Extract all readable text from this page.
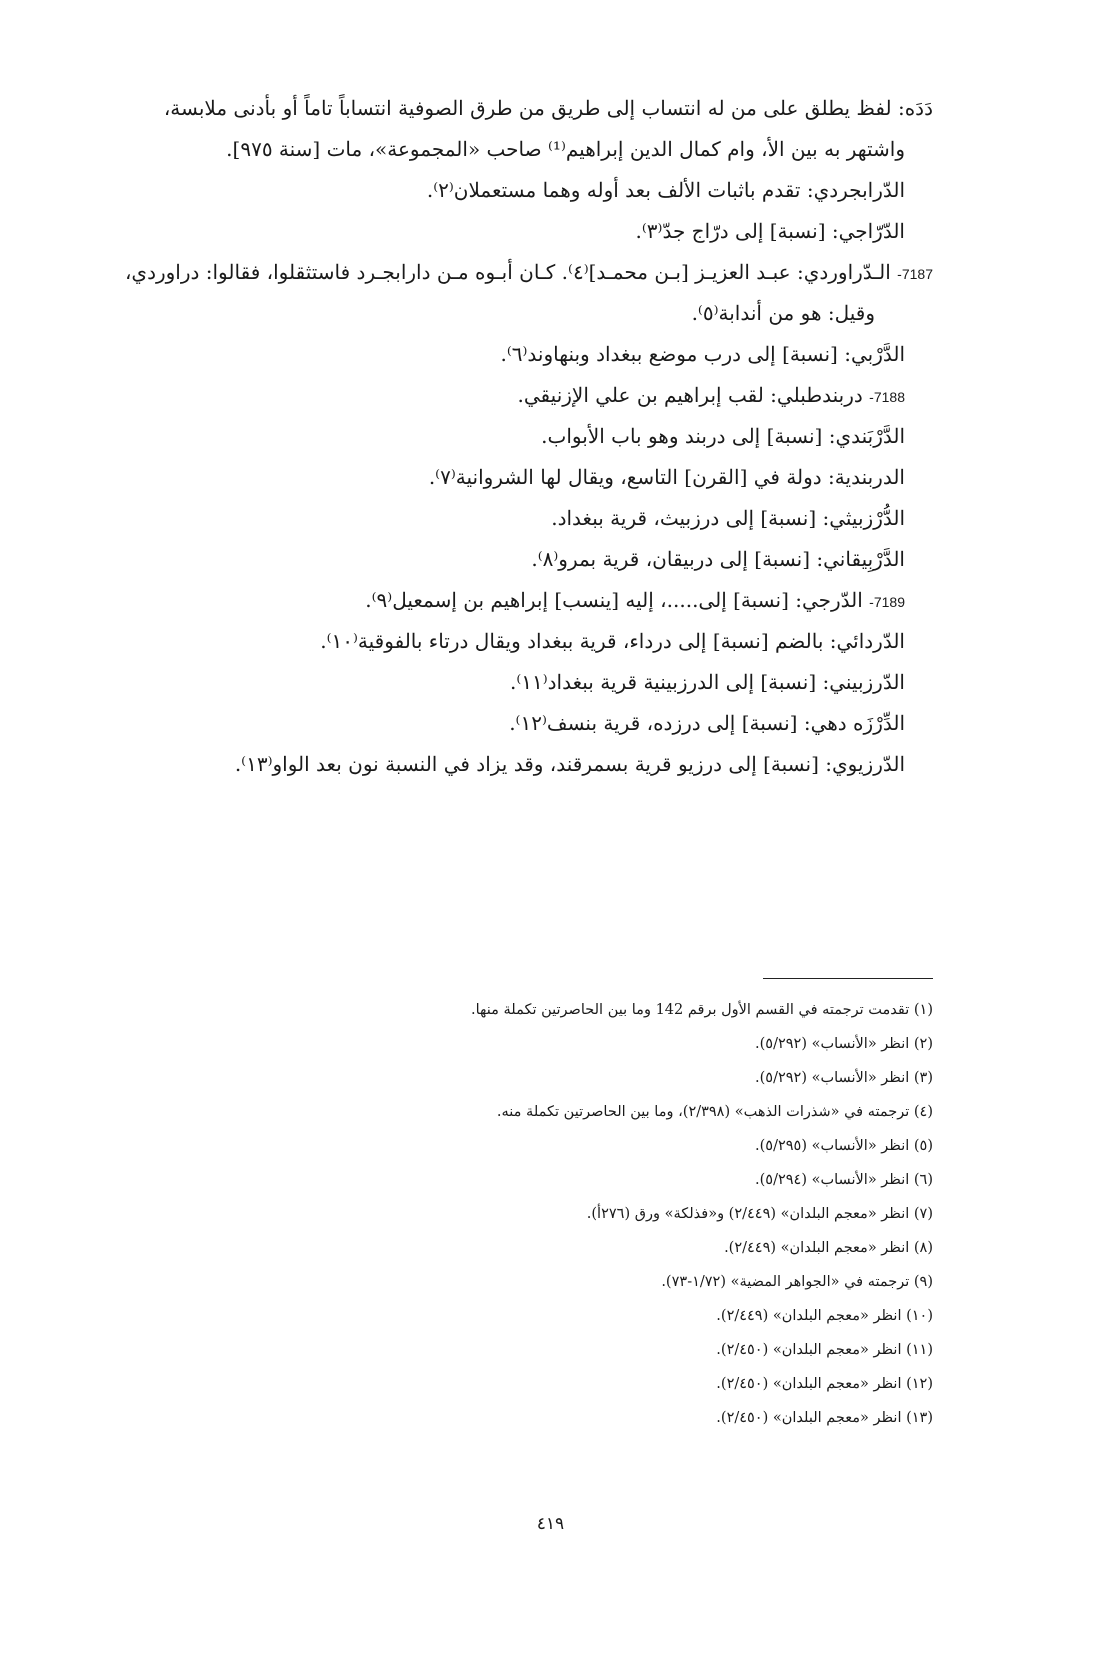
دَدَه: لفظ يطلق على من له انتساب إلى طريق من طرق الصوفية انتساباً تاماً أو بأدنى ملابسة،
واشتهر به بين الأ، وام كمال الدين إبراهيم⁽¹⁾ صاحب «المجموعة»، مات [سنة ٩٧٥].
الدّرابجردي: تقدم باثبات الألف بعد أوله وهما مستعملان⁽٢⁾.
الدّرّاجي: [نسبة] إلى درّاج جدّ⁽٣⁾.
7187- الـدّراوردي: عبـد العزيـز [بـن محمـد]⁽٤⁾. كـان أبـوه مـن دارابجـرد فاستثقلوا، فقالوا: دراوردي،
وقيل: هو من أندابة⁽٥⁾.
الدَّرْبي: [نسبة] إلى درب موضع ببغداد وبنهاوند⁽٦⁾.
7188- دربندطبلي: لقب إبراهيم بن علي الإزنيقي.
الدَّرْبَندي: [نسبة] إلى دربند وهو باب الأبواب.
الدربندية: دولة في [القرن] التاسع، ويقال لها الشروانية⁽٧⁾.
الدُّرْزبيثي: [نسبة] إلى درزبيث، قرية ببغداد.
الدَّرْبِيقاني: [نسبة] إلى دربيقان، قرية بمرو⁽٨⁾.
7189- الدّرجي: [نسبة] إلى.....، إليه [ينسب] إبراهيم بن إسمعيل⁽٩⁾.
الدّردائي: بالضم [نسبة] إلى درداء، قرية ببغداد ويقال درتاء بالفوقية⁽١٠⁾.
الدّرزبيني: [نسبة] إلى الدرزبينية قرية ببغداد⁽١١⁾.
الدِّرْزَه دهي: [نسبة] إلى درزده، قرية بنسف⁽١٢⁾.
الدّرزيوي: [نسبة] إلى درزيو قرية بسمرقند، وقد يزاد في النسبة نون بعد الواو⁽١٣⁾.
(١) تقدمت ترجمته في القسم الأول برقم 142 وما بين الحاصرتين تكملة منها.
(٢) انظر «الأنساب» (٥/٢٩٢).
(٣) انظر «الأنساب» (٥/٢٩٢).
(٤) ترجمته في «شذرات الذهب» (٢/٣٩٨)، وما بين الحاصرتين تكملة منه.
(٥) انظر «الأنساب» (٥/٢٩٥).
(٦) انظر «الأنساب» (٥/٢٩٤).
(٧) انظر «معجم البلدان» (٢/٤٤٩) و«فذلكة» ورق (٢٧٦أ).
(٨) انظر «معجم البلدان» (٢/٤٤٩).
(٩) ترجمته في «الجواهر المضية» (١/٧٢-٧٣).
(١٠) انظر «معجم البلدان» (٢/٤٤٩).
(١١) انظر «معجم البلدان» (٢/٤٥٠).
(١٢) انظر «معجم البلدان» (٢/٤٥٠).
(١٣) انظر «معجم البلدان» (٢/٤٥٠).
٤١٩
